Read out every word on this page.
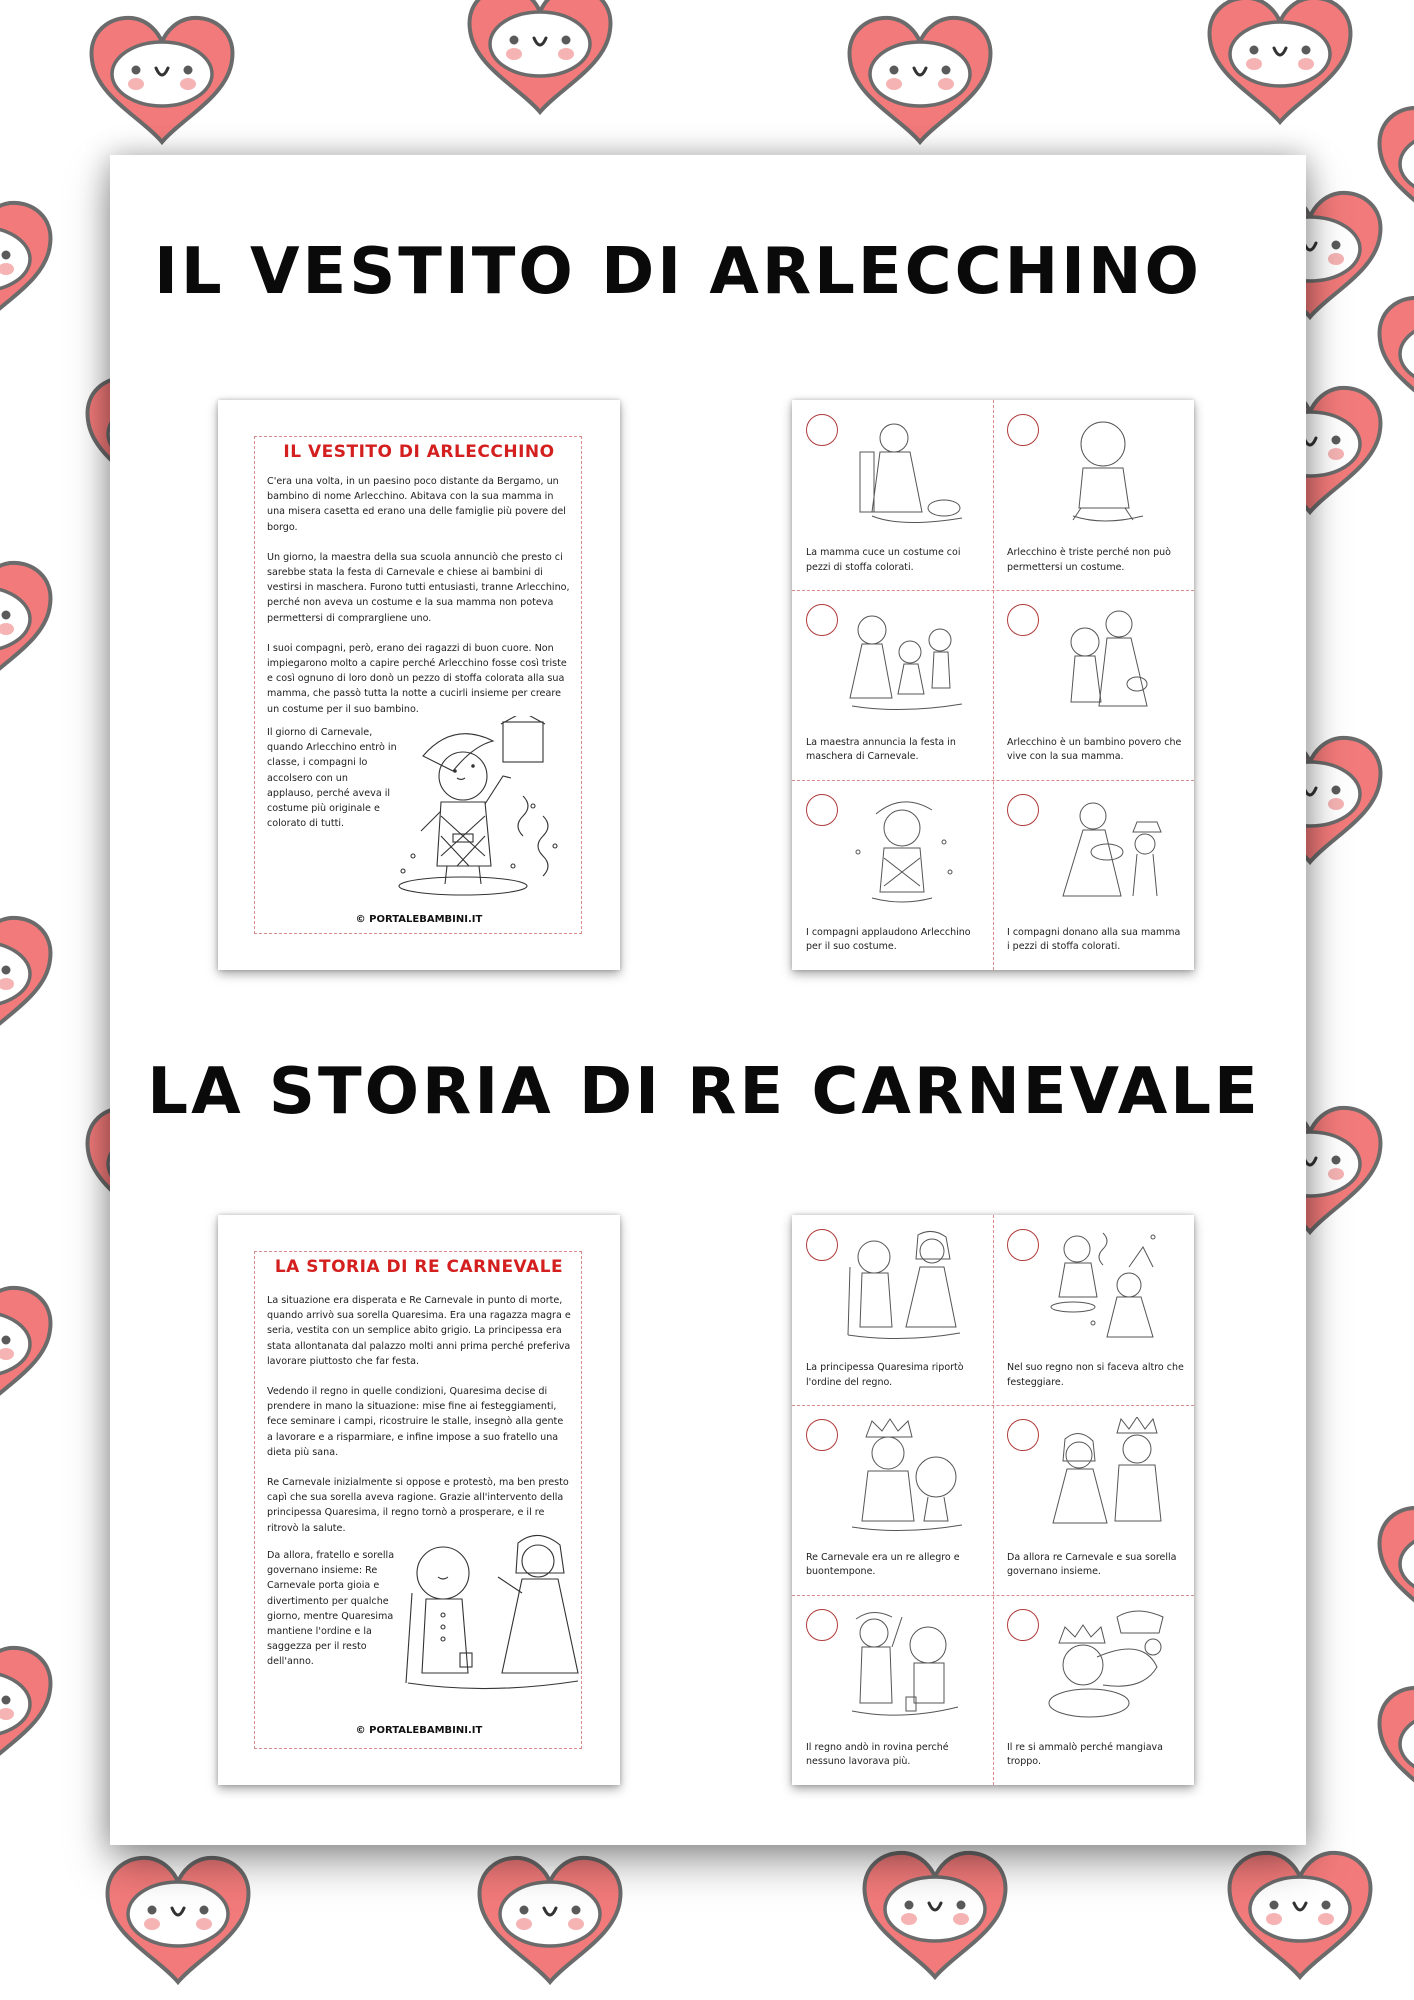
IL VESTITO DI ARLECCHINO
IL VESTITO DI ARLECCHINO

C'era una volta, in un paesino poco distante da Bergamo, un bambino di nome Arlecchino. Abitava con la sua mamma in una misera casetta ed erano una delle famiglie più povere del borgo.

Un giorno, la maestra della sua scuola annunciò che presto ci sarebbe stata la festa di Carnevale e chiese ai bambini di vestirsi in maschera. Furono tutti entusiasti, tranne Arlecchino, perché non aveva un costume e la sua mamma non poteva permettersi di comprargliene uno.

I suoi compagni, però, erano dei ragazzi di buon cuore. Non impiegarono molto a capire perché Arlecchino fosse così triste e così ognuno di loro donò un pezzo di stoffa colorata alla sua mamma, che passò tutta la notte a cucirli insieme per creare un costume per il suo bambino.

Il giorno di Carnevale, quando Arlecchino entrò in classe, i compagni lo accolsero con un applauso, perché aveva il costume più originale e colorato di tutti.
© PORTALEBAMBINI.IT
La mamma cuce un costume coi pezzi di stoffa colorati.
Arlecchino è triste perché non può permettersi un costume.
La maestra annuncia la festa in maschera di Carnevale.
Arlecchino è un bambino povero che vive con la sua mamma.
I compagni applaudono Arlecchino per il suo costume.
I compagni donano alla sua mamma i pezzi di stoffa colorati.
LA STORIA DI RE CARNEVALE
LA STORIA DI RE CARNEVALE

La situazione era disperata e Re Carnevale in punto di morte, quando arrivò sua sorella Quaresima. Era una ragazza magra e seria, vestita con un semplice abito grigio. La principessa era stata allontanata dal palazzo molti anni prima perché preferiva lavorare piuttosto che far festa.

Vedendo il regno in quelle condizioni, Quaresima decise di prendere in mano la situazione: mise fine ai festeggiamenti, fece seminare i campi, ricostruire le stalle, insegnò alla gente a lavorare e a risparmiare, e infine impose a suo fratello una dieta più sana.

Re Carnevale inizialmente si oppose e protestò, ma ben presto capì che sua sorella aveva ragione. Grazie all'intervento della principessa Quaresima, il regno tornò a prosperare, e il re ritrovò la salute.

Da allora, fratello e sorella governano insieme: Re Carnevale porta gioia e divertimento per qualche giorno, mentre Quaresima mantiene l'ordine e la saggezza per il resto dell'anno.
© PORTALEBAMBINI.IT
La principessa Quaresima riportò l'ordine del regno.
Nel suo regno non si faceva altro che festeggiare.
Re Carnevale era un re allegro e buontempone.
Da allora re Carnevale e sua sorella governano insieme.
Il regno andò in rovina perché nessuno lavorava più.
Il re si ammalò perché mangiava troppo.
